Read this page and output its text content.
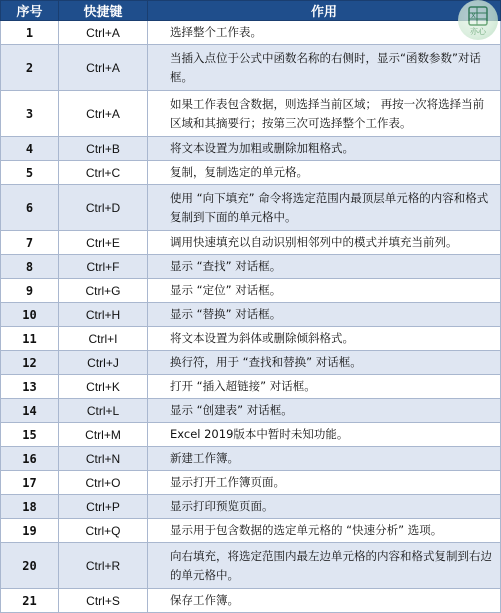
X
亦心
序号	快捷键	作用
1	Ctrl+A	选择整个工作表。
2	Ctrl+A	当插入点位于公式中函数名称的右侧时，显示“函数参数”对话框。
3	Ctrl+A	如果工作表包含数据，则选择当前区域； 再按一次将选择当前区域和其摘要行；按第三次可选择整个工作表。
4	Ctrl+B	将文本设置为加粗或删除加粗格式。
5	Ctrl+C	复制，复制选定的单元格。
6	Ctrl+D	使用 “向下填充” 命令将选定范围内最顶层单元格的内容和格式复制到下面的单元格中。
7	Ctrl+E	调用快速填充以自动识别相邻列中的模式并填充当前列。
8	Ctrl+F	显示 “查找” 对话框。
9	Ctrl+G	显示 “定位” 对话框。
10	Ctrl+H	显示 “替换” 对话框。
11	Ctrl+I	将文本设置为斜体或删除倾斜格式。
12	Ctrl+J	换行符，用于 “查找和替换” 对话框。
13	Ctrl+K	打开 “插入超链接” 对话框。
14	Ctrl+L	显示 “创建表” 对话框。
15	Ctrl+M	Excel 2019版本中暂时未知功能。
16	Ctrl+N	新建工作簿。
17	Ctrl+O	显示打开工作簿页面。
18	Ctrl+P	显示打印预览页面。
19	Ctrl+Q	显示用于包含数据的选定单元格的 “快速分析” 选项。
20	Ctrl+R	向右填充，将选定范围内最左边单元格的内容和格式复制到右边的单元格中。
21	Ctrl+S	保存工作簿。
